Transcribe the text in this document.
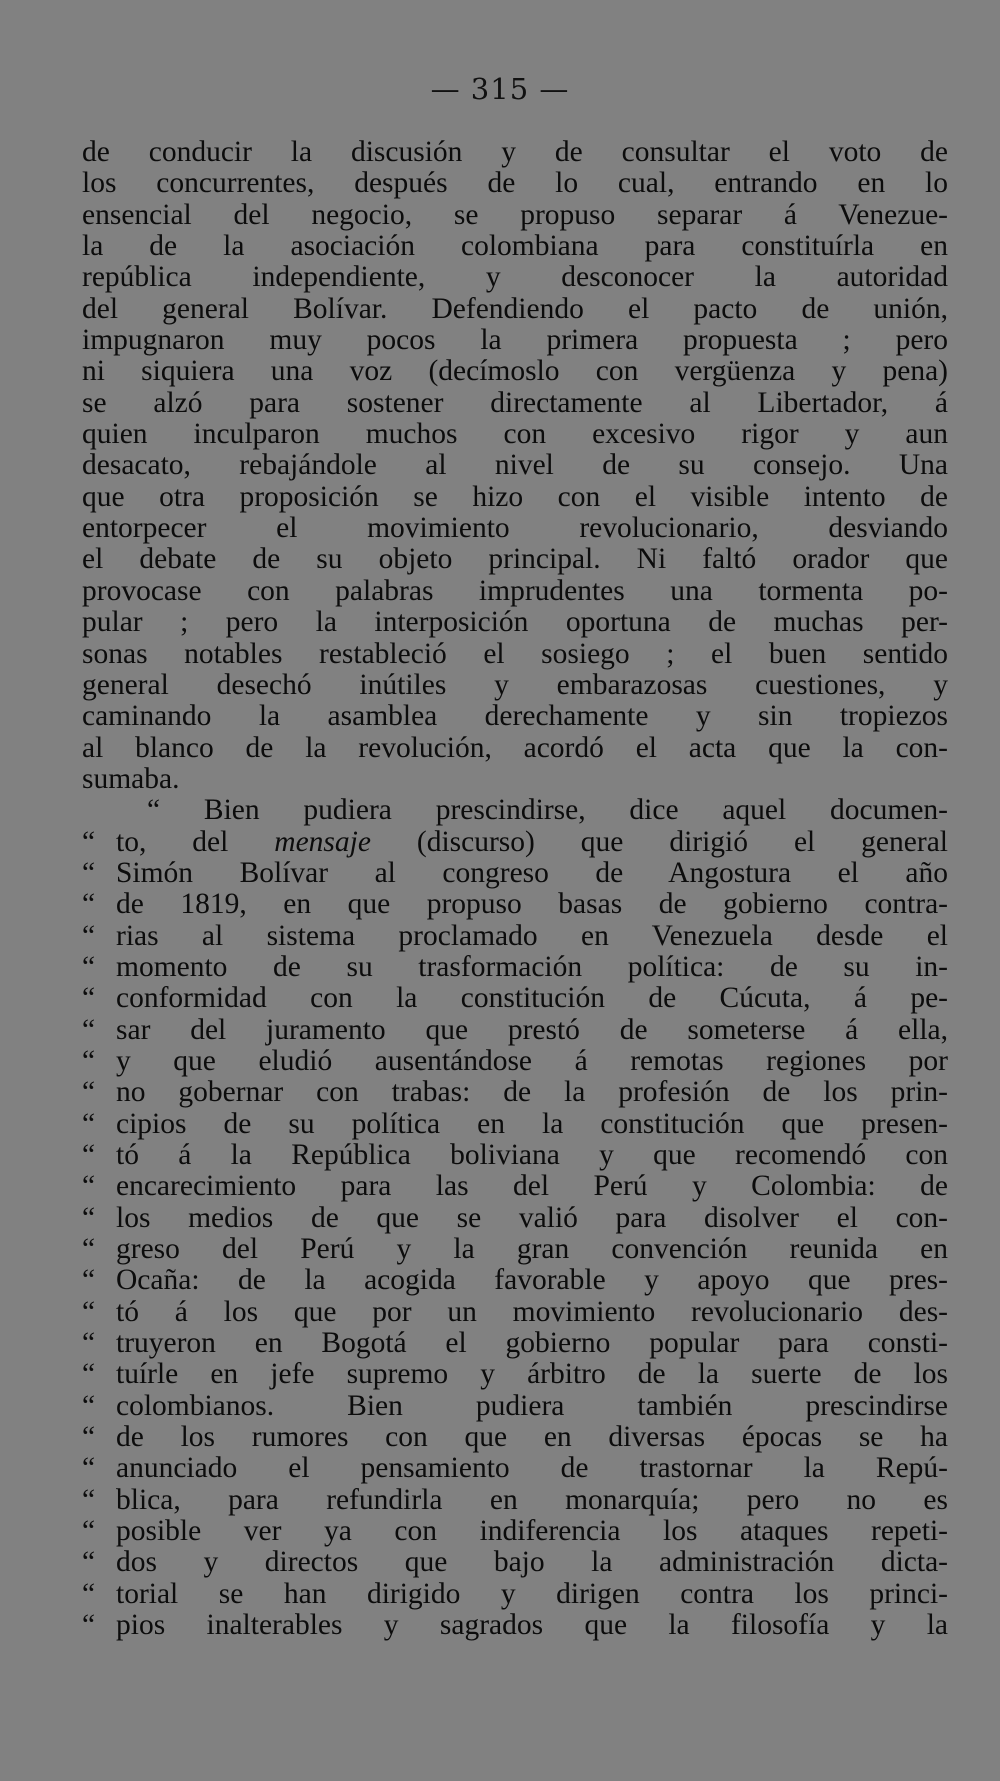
— 315 —
de conducir la discusión y de consultar el voto de
los concurrentes, después de lo cual, entrando en lo
ensencial del negocio, se propuso separar á Venezue-
la de la asociación colombiana para constituírla en
república independiente, y desconocer la autoridad
del general Bolívar. Defendiendo el pacto de unión,
impugnaron muy pocos la primera propuesta ; pero
ni siquiera una voz (decímoslo con vergüenza y pena)
se alzó para sostener directamente al Libertador, á
quien inculparon muchos con excesivo rigor y aun
desacato, rebajándole al nivel de su consejo. Una
que otra proposición se hizo con el visible intento de
entorpecer el movimiento revolucionario, desviando
el debate de su objeto principal. Ni faltó orador que
provocase con palabras imprudentes una tormenta po-
pular ; pero la interposición oportuna de muchas per-
sonas notables restableció el sosiego ; el buen sentido
general desechó inútiles y embarazosas cuestiones, y
caminando la asamblea derechamente y sin tropiezos
al blanco de la revolución, acordó el acta que la con-
sumaba.
“ Bien pudiera prescindirse, dice aquel documen-
“ to, del mensaje (discurso) que dirigió el general
“ Simón Bolívar al congreso de Angostura el año
“ de 1819, en que propuso basas de gobierno contra-
“ rias al sistema proclamado en Venezuela desde el
“ momento de su trasformación política: de su in-
“ conformidad con la constitución de Cúcuta, á pe-
“ sar del juramento que prestó de someterse á ella,
“ y que eludió ausentándose á remotas regiones por
“ no gobernar con trabas: de la profesión de los prin-
“ cipios de su política en la constitución que presen-
“ tó á la República boliviana y que recomendó con
“ encarecimiento para las del Perú y Colombia: de
“ los medios de que se valió para disolver el con-
“ greso del Perú y la gran convención reunida en
“ Ocaña: de la acogida favorable y apoyo que pres-
“ tó á los que por un movimiento revolucionario des-
“ truyeron en Bogotá el gobierno popular para consti-
“ tuírle en jefe supremo y árbitro de la suerte de los
“ colombianos. Bien pudiera también prescindirse
“ de los rumores con que en diversas épocas se ha
“ anunciado el pensamiento de trastornar la Repú-
“ blica, para refundirla en monarquía; pero no es
“ posible ver ya con indiferencia los ataques repeti-
“ dos y directos que bajo la administración dicta-
“ torial se han dirigido y dirigen contra los princi-
“ pios inalterables y sagrados que la filosofía y la
